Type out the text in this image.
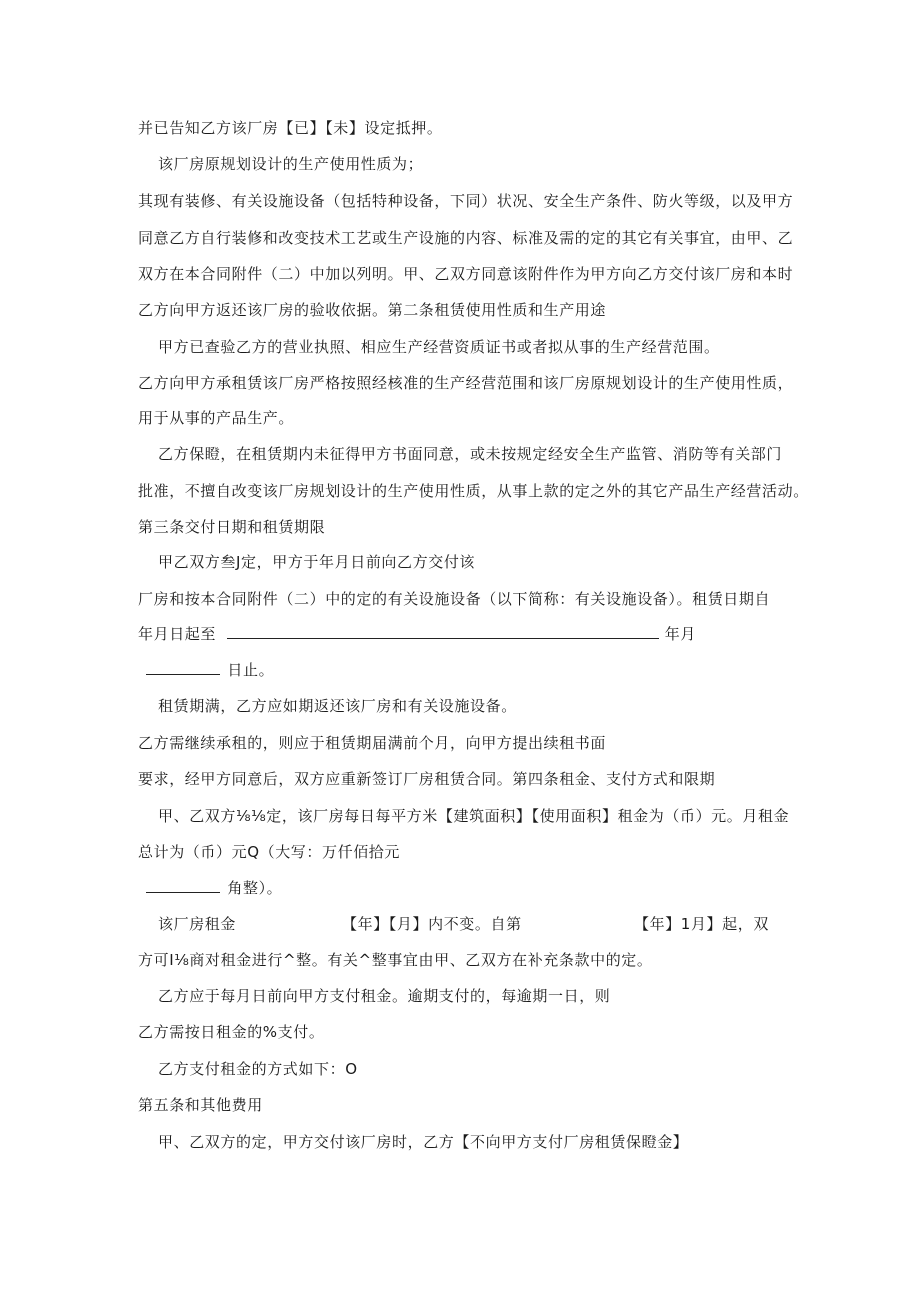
并已告知乙方该厂房【已】【未】设定抵押。
该厂房原规划设计的生产使用性质为；
其现有装修、有关设施设备（包括特种设备，下同）状况、安全生产条件、防火等级，以及甲方
同意乙方自行装修和改变技术工艺或生产设施的内容、标准及需的定的其它有关事宜，由甲、乙
双方在本合同附件（二）中加以列明。甲、乙双方同意该附件作为甲方向乙方交付该厂房和本时
乙方向甲方返还该厂房的验收依据。第二条租赁使用性质和生产用途
甲方已查验乙方的营业执照、相应生产经营资质证书或者拟从事的生产经营范围。
乙方向甲方承租赁该厂房严格按照经核准的生产经营范围和该厂房原规划设计的生产使用性质，
用于从事的产品生产。
乙方保瞪，在租赁期内未征得甲方书面同意，或未按规定经安全生产监管、消防等有关部门
批准，不擅自改变该厂房规划设计的生产使用性质，从事上款的定之外的其它产品生产经营活动。
第三条交付日期和租赁期限
甲乙双方叁J定，甲方于年月日前向乙方交付该
厂房和按本合同附件（二）中的定的有关设施设备（以下简称：有关设施设备）。租赁日期自
年月日起至	年月
日止。
租赁期满，乙方应如期返还该厂房和有关设施设备。
乙方需继续承租的，则应于租赁期届满前个月，向甲方提出续租书面
要求，经甲方同意后，双方应重新签订厂房租赁合同。第四条租金、支付方式和限期
甲、乙双方⅛⅛定，该厂房每日每平方米【建筑面积】【使用面积】租金为（币）元。月租金
总计为（币）元Q（大写：万仟佰拾元
角整）。
该厂房租金	【年】【月】内不变。自第	【年】1月】起，双
方可I⅛商对租金进行^整。有关^整事宜由甲、乙双方在补充条款中的定。
乙方应于每月日前向甲方支付租金。逾期支付的，每逾期一日，则
乙方需按日租金的%支付。
乙方支付租金的方式如下：O
第五条和其他费用
甲、乙双方的定，甲方交付该厂房时，乙方【不向甲方支付厂房租赁保瞪金】
